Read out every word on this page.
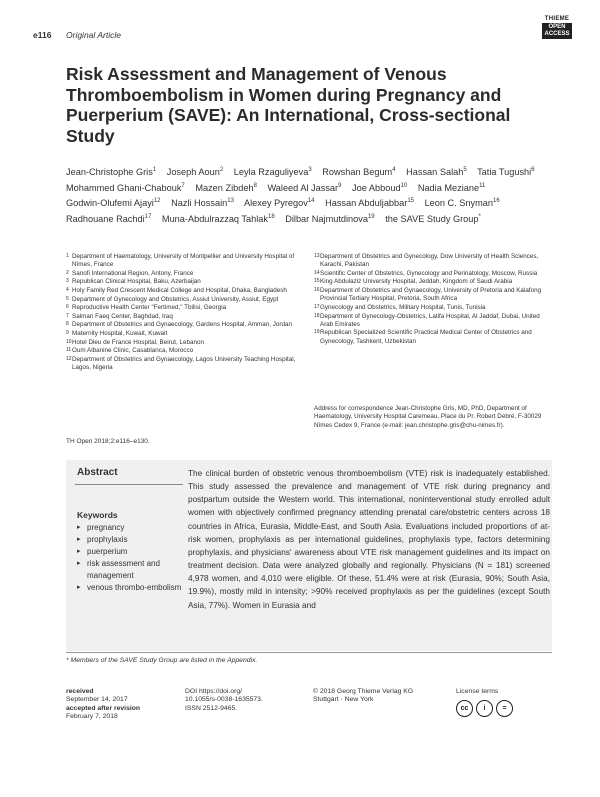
e116 Original Article
THIEME
OPEN
ACCESS
Risk Assessment and Management of Venous Thromboembolism in Women during Pregnancy and Puerperium (SAVE): An International, Cross-sectional Study
Jean-Christophe Gris$^1$ Joseph Aoun$^2$ Leyla Rzaguliyeva$^3$ Rowshan Begum$^4$ Hassan Salah$^5$ Tatia Tugushi$^6$ Mohammed Ghani-Chabouk$^7$ Mazen Zibdeh$^8$ Waleed Al Jassar$^9$ Joe Abboud$^{10}$ Nadia Meziane$^{11}$ Godwin-Olufemi Ajayi$^{12}$ Nazli Hossain$^{13}$ Alexey Pyregov$^{14}$ Hassan Abduljabbar$^{15}$ Leon C. Snyman$^{16}$ Radhouane Rachdi$^{17}$ Muna-Abdulrazzaq Tahlak$^{18}$ Dilbar Najmutdinova$^{19}$ the SAVE Study Group*
1 Department of Haematology, University of Montpellier and University Hospital of Nîmes, France
2 Sanofi International Region, Antony, France
3 Republican Clinical Hospital, Baku, Azerbaijan
4 Holy Family Red Crescent Medical College and Hospital, Dhaka, Bangladesh
5 Department of Gynecology and Obstetrics, Assiut University, Assiut, Egypt
6 Reproductive Health Center "Fertimed," Tbilisi, Georgia
7 Salman Faeq Center, Baghdad, Iraq
8 Department of Obstetrics and Gynaecology, Gardens Hospital, Amman, Jordan
9 Maternity Hospital, Kuwait, Kuwait
10 Hotel Dieu de France Hospital, Beirut, Lebanon
11 Oum Albanine Clinic, Casablanca, Morocco
12 Department of Obstetrics and Gynaecology, Lagos University Teaching Hospital, Lagos, Nigeria
13 Department of Obstetrics and Gynecology, Dow University of Health Sciences, Karachi, Pakistan
14 Scientific Center of Obstetrics, Gynecology and Perinatology, Moscow, Russia
15 King Abdulaziz University Hospital, Jeddah, Kingdom of Saudi Arabia
16 Department of Obstetrics and Gynaecology, University of Pretoria and Kalafong Provincial Tertiary Hospital, Pretoria, South Africa
17 Gynecology and Obstetrics, Military Hospital, Tunis, Tunisia
18 Department of Gynecology-Obstetrics, Latifa Hospital, Al Jaddaf, Dubai, United Arab Emirates
19 Republican Specialized Scientific Practical Medical Center of Obstetrics and Gynecology, Tashkent, Uzbekistan
Address for correspondence Jean-Christophe Gris, MD, PhD, Department of Haematology, University Hospital Caremeau, Place du Pr. Robert Debré, F-30029 Nîmes Cedex 9, France (e-mail: jean.christophe.gris@chu-nimes.fr).
TH Open 2018;2:e116–e130.
Abstract
Keywords
▸ pregnancy
▸ prophylaxis
▸ puerperium
▸ risk assessment and management
▸ venous thrombo-embolism
The clinical burden of obstetric venous thromboembolism (VTE) risk is inadequately established. This study assessed the prevalence and management of VTE risk during pregnancy and postpartum outside the Western world. This international, noninterventional study enrolled adult women with objectively confirmed pregnancy attending prenatal care/obstetric centers across 18 countries in Africa, Eurasia, Middle-East, and South Asia. Evaluations included proportions of at-risk women, prophylaxis as per international guidelines, prophylaxis type, factors determining prophylaxis, and physicians' awareness about VTE risk management guidelines and its impact on treatment decision. Data were analyzed globally and regionally. Physicians (N = 181) screened 4,978 women, and 4,010 were eligible. Of these, 51.4% were at risk (Eurasia, 90%; South Asia, 19.9%), mostly mild in intensity; >90% received prophylaxis as per the guidelines (except South Asia, 77%). Women in Eurasia and
* Members of the SAVE Study Group are listed in the Appendix.
received
September 14, 2017
accepted after revision
February 7, 2018
DOI https://doi.org/
10.1055/s-0038-1635573.
ISSN 2512-9465.
© 2018 Georg Thieme Verlag KG
Stuttgart · New York
License terms
cc	i	=
